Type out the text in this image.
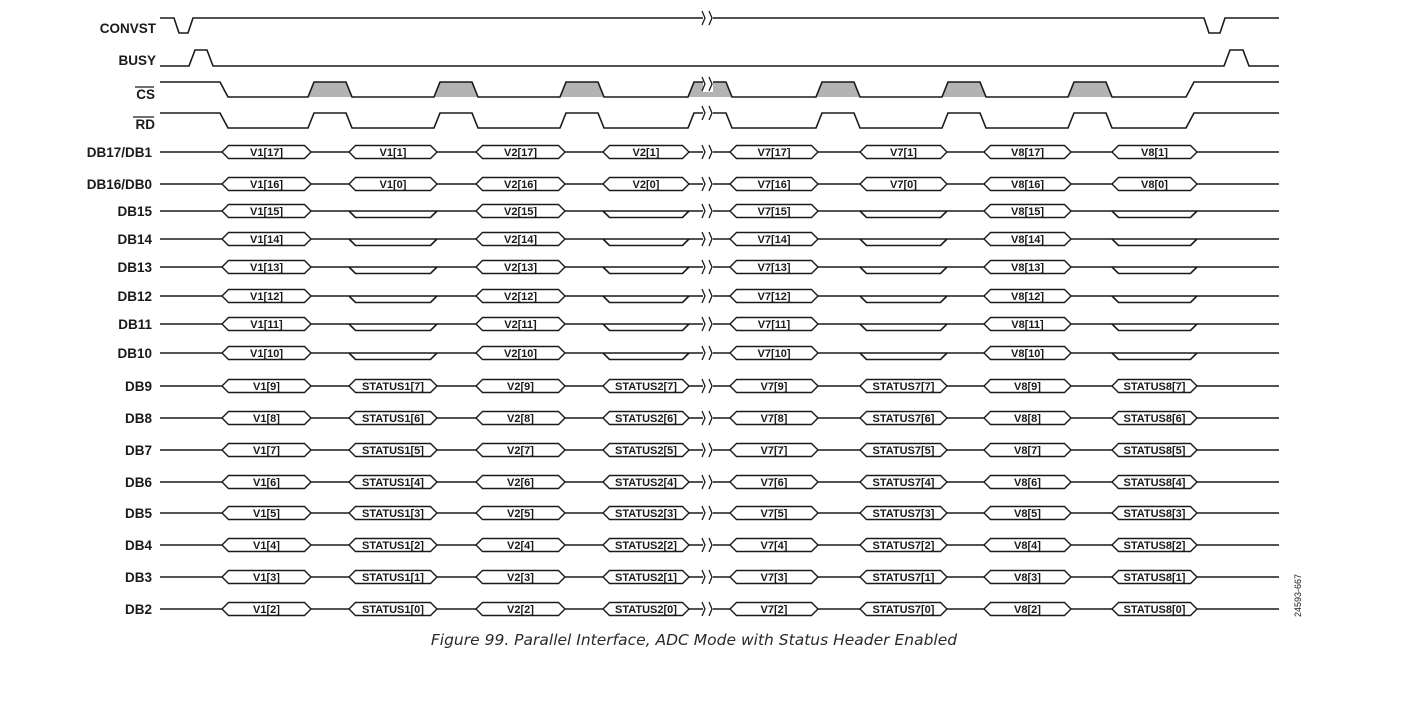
CONVST
BUSY
CS
RD
DB17/DB1	V1[17]	V1[1]	V2[17]	V2[1]	V7[17]	V7[1]	V8[17]	V8[1]
DB16/DB0	V1[16]	V1[0]	V2[16]	V2[0]	V7[16]	V7[0]	V8[16]	V8[0]
DB15	V1[15]	V2[15]	V7[15]	V8[15]
DB14	V1[14]	V2[14]	V7[14]	V8[14]
DB13	V1[13]	V2[13]	V7[13]	V8[13]
DB12	V1[12]	V2[12]	V7[12]	V8[12]
DB11	V1[11]	V2[11]	V7[11]	V8[11]
DB10	V1[10]	V2[10]	V7[10]	V8[10]
DB9	V1[9]	STATUS1[7]	V2[9]	STATUS2[7]	V7[9]	STATUS7[7]	V8[9]	STATUS8[7]
DB8	V1[8]	STATUS1[6]	V2[8]	STATUS2[6]	V7[8]	STATUS7[6]	V8[8]	STATUS8[6]
DB7	V1[7]	STATUS1[5]	V2[7]	STATUS2[5]	V7[7]	STATUS7[5]	V8[7]	STATUS8[5]
DB6	V1[6]	STATUS1[4]	V2[6]	STATUS2[4]	V7[6]	STATUS7[4]	V8[6]	STATUS8[4]
DB5	V1[5]	STATUS1[3]	V2[5]	STATUS2[3]	V7[5]	STATUS7[3]	V8[5]	STATUS8[3]
DB4	V1[4]	STATUS1[2]	V2[4]	STATUS2[2]	V7[4]	STATUS7[2]	V8[4]	STATUS8[2]
DB3	V1[3]	STATUS1[1]	V2[3]	STATUS2[1]	V7[3]	STATUS7[1]	V8[3]	STATUS8[1]
DB2	V1[2]	STATUS1[0]	V2[2]	STATUS2[0]	V7[2]	STATUS7[0]	V8[2]	STATUS8[0]
Figure 99. Parallel Interface, ADC Mode with Status Header Enabled
24593-667
